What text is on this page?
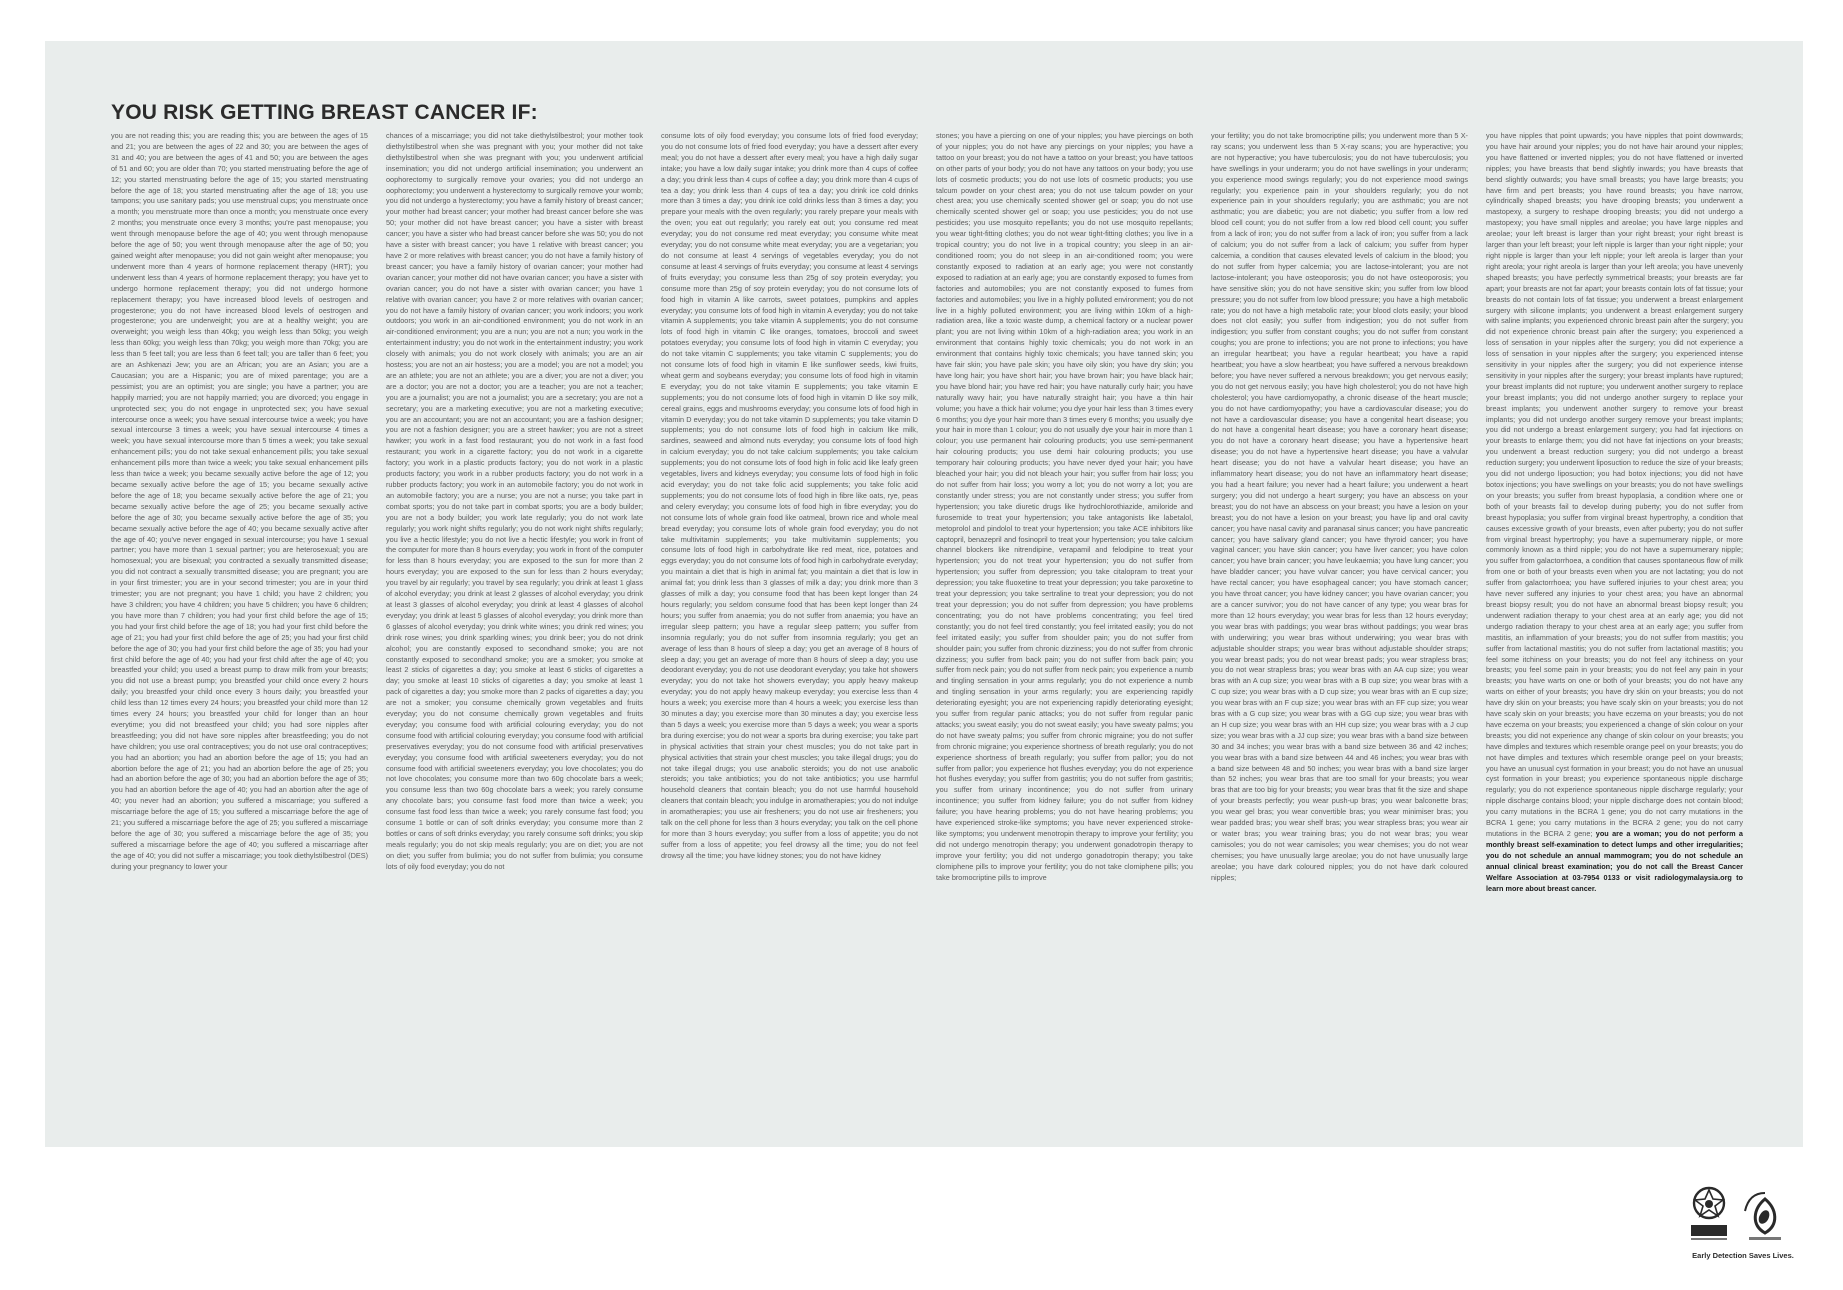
YOU RISK GETTING BREAST CANCER IF:

you are not reading this; you are reading this; you are between the ages of 15 and 21; you are between the ages of 22 and 30; you are between the ages of 31 and 40; you are between the ages of 41 and 50; you are between the ages of 51 and 60; you are older than 70; you started menstruating before the age of 12; you started menstruating before the age of 15; you started menstruating before the age of 18; you started menstruating after the age of 18; you use tampons; you use sanitary pads; you use menstrual cups; you menstruate once a month; you menstruate more than once a month; you menstruate once every 2 months; you menstruate once every 3 months; you're past menopause; you went through menopause before the age of 40; you went through menopause before the age of 50; you went through menopause after the age of 50; you gained weight after menopause; you did not gain weight after menopause; you underwent more than 4 years of hormone replacement therapy (HRT); you underwent less than 4 years of hormone replacement therapy; you have yet to undergo hormone replacement therapy; you did not undergo hormone replacement therapy; you have increased blood levels of oestrogen and progesterone; you do not have increased blood levels of oestrogen and progesterone; you are underweight; you are at a healthy weight; you are overweight; you weigh less than 40kg; you weigh less than 50kg; you weigh less than 60kg; you weigh less than 70kg; you weigh more than 70kg; you are less than 5 feet tall; you are less than 6 feet tall; you are taller than 6 feet; you are an Ashkenazi Jew; you are an African; you are an Asian; you are a Caucasian; you are a Hispanic; you are of mixed parentage; you are a pessimist; you are an optimist; you are single; you have a partner; you are happily married; you are not happily married; you are divorced; you engage in unprotected sex; you do not engage in unprotected sex; you have sexual intercourse once a week; you have sexual intercourse twice a week; you have sexual intercourse 3 times a week; you have sexual intercourse 4 times a week; you have sexual intercourse more than 5 times a week; you take sexual enhancement pills; you do not take sexual enhancement pills; you take sexual enhancement pills more than twice a week; you take sexual enhancement pills less than twice a week; you became sexually active before the age of 12; you became sexually active before the age of 15; you became sexually active before the age of 18; you became sexually active before the age of 21; you became sexually active before the age of 25; you became sexually active before the age of 30; you became sexually active before the age of 35; you became sexually active before the age of 40; you became sexually active after the age of 40; you've never engaged in sexual intercourse; you have 1 sexual partner; you have more than 1 sexual partner; you are heterosexual; you are homosexual; you are bisexual; you contracted a sexually transmitted disease; you did not contract a sexually transmitted disease; you are pregnant; you are in your first trimester; you are in your second trimester; you are in your third trimester; you are not pregnant; you have 1 child; you have 2 children; you have 3 children; you have 4 children; you have 5 children; you have 6 children; you have more than 7 children; you had your first child before the age of 15; you had your first child before the age of 18; you had your first child before the age of 21; you had your first child before the age of 25; you had your first child before the age of 30; you had your first child before the age of 35; you had your first child before the age of 40; you had your first child after the age of 40; you breastfed your child; you used a breast pump to draw milk from your breasts; you did not use a breast pump; you breastfed your child once every 2 hours daily; you breastfed your child once every 3 hours daily; you breastfed your child less than 12 times every 24 hours; you breastfed your child more than 12 times every 24 hours; you breastfed your child for longer than an hour everytime; you did not breastfeed your child; you had sore nipples after breastfeeding; you did not have sore nipples after breastfeeding; you do not have children; you use oral contraceptives; you do not use oral contraceptives; you had an abortion; you had an abortion before the age of 15; you had an abortion before the age of 21; you had an abortion before the age of 25; you had an abortion before the age of 30; you had an abortion before the age of 35; you had an abortion before the age of 40; you had an abortion after the age of 40; you never had an abortion; you suffered a miscarriage; you suffered a miscarriage before the age of 15; you suffered a miscarriage before the age of 21; you suffered a miscarriage before the age of 25; you suffered a miscarriage before the age of 30; you suffered a miscarriage before the age of 35; you suffered a miscarriage before the age of 40; you suffered a miscarriage after the age of 40; you did not suffer a miscarriage; you took diethylstilbestrol (DES) during your pregnancy to lower your

chances of a miscarriage; you did not take diethylstilbestrol; your mother took diethylstilbestrol when she was pregnant with you; your mother did not take diethylstilbestrol when she was pregnant with you; you underwent artificial insemination; you did not undergo artificial insemination; you underwent an oophorectomy to surgically remove your ovaries; you did not undergo an oophorectomy; you underwent a hysterectomy to surgically remove your womb; you did not undergo a hysterectomy; you have a family history of breast cancer; your mother had breast cancer; your mother had breast cancer before she was 50; your mother did not have breast cancer; you have a sister with breast cancer; you have a sister who had breast cancer before she was 50; you do not have a sister with breast cancer; you have 1 relative with breast cancer; you have 2 or more relatives with breast cancer; you do not have a family history of breast cancer; you have a family history of ovarian cancer; your mother had ovarian cancer; your mother did not have ovarian cancer; you have a sister with ovarian cancer; you do not have a sister with ovarian cancer; you have 1 relative with ovarian cancer; you have 2 or more relatives with ovarian cancer; you do not have a family history of ovarian cancer; you work indoors; you work outdoors; you work in an air-conditioned environment; you do not work in an air-conditioned environment; you are a nun; you are not a nun; you work in the entertainment industry; you do not work in the entertainment industry; you work closely with animals; you do not work closely with animals; you are an air hostess; you are not an air hostess; you are a model; you are not a model; you are an athlete; you are not an athlete; you are a diver; you are not a diver; you are a doctor; you are not a doctor; you are a teacher; you are not a teacher; you are a journalist; you are not a journalist; you are a secretary; you are not a secretary; you are a marketing executive; you are not a marketing executive; you are an accountant; you are not an accountant; you are a fashion designer; you are not a fashion designer; you are a street hawker; you are not a street hawker; you work in a fast food restaurant; you do not work in a fast food restaurant; you work in a cigarette factory; you do not work in a cigarette factory; you work in a plastic products factory; you do not work in a plastic products factory; you work in a rubber products factory; you do not work in a rubber products factory; you work in an automobile factory; you do not work in an automobile factory; you are a nurse; you are not a nurse; you take part in combat sports; you do not take part in combat sports; you are a body builder; you are not a body builder; you work late regularly; you do not work late regularly; you work night shifts regularly; you do not work night shifts regularly; you live a hectic lifestyle; you do not live a hectic lifestyle; you work in front of the computer for more than 8 hours everyday; you work in front of the computer for less than 8 hours everyday; you are exposed to the sun for more than 2 hours everyday; you are exposed to the sun for less than 2 hours everyday; you travel by air regularly; you travel by sea regularly; you drink at least 1 glass of alcohol everyday; you drink at least 2 glasses of alcohol everyday; you drink at least 3 glasses of alcohol everyday; you drink at least 4 glasses of alcohol everyday; you drink at least 5 glasses of alcohol everyday; you drink more than 6 glasses of alcohol everyday; you drink white wines; you drink red wines; you drink rose wines; you drink sparkling wines; you drink beer; you do not drink alcohol; you are constantly exposed to secondhand smoke; you are not constantly exposed to secondhand smoke; you are a smoker; you smoke at least 2 sticks of cigarettes a day; you smoke at least 6 sticks of cigarettes a day; you smoke at least 10 sticks of cigarettes a day; you smoke at least 1 pack of cigarettes a day; you smoke more than 2 packs of cigarettes a day; you are not a smoker; you consume chemically grown vegetables and fruits everyday; you do not consume chemically grown vegetables and fruits everyday; you consume food with artificial colouring everyday; you do not consume food with artificial colouring everyday; you consume food with artificial preservatives everyday; you do not consume food with artificial preservatives everyday; you consume food with artificial sweeteners everyday; you do not consume food with artificial sweeteners everyday; you love chocolates; you do not love chocolates; you consume more than two 60g chocolate bars a week; you consume less than two 60g chocolate bars a week; you rarely consume any chocolate bars; you consume fast food more than twice a week; you consume fast food less than twice a week; you rarely consume fast food; you consume 1 bottle or can of soft drinks everyday; you consume more than 2 bottles or cans of soft drinks everyday; you rarely consume soft drinks; you skip meals regularly; you do not skip meals regularly; you are on diet; you are not on diet; you suffer from bulimia; you do not suffer from bulimia; you consume lots of oily food everyday; you do not

consume lots of oily food everyday; you consume lots of fried food everyday; you do not consume lots of fried food everyday; you have a dessert after every meal; you do not have a dessert after every meal; you have a high daily sugar intake; you have a low daily sugar intake; you drink more than 4 cups of coffee a day; you drink less than 4 cups of coffee a day; you drink more than 4 cups of tea a day; you drink less than 4 cups of tea a day; you drink ice cold drinks more than 3 times a day; you drink ice cold drinks less than 3 times a day; you prepare your meals with the oven regularly; you rarely prepare your meals with the oven; you eat out regularly; you rarely eat out; you consume red meat everyday; you do not consume red meat everyday; you consume white meat everyday; you do not consume white meat everyday; you are a vegetarian; you do not consume at least 4 servings of vegetables everyday; you do not consume at least 4 servings of fruits everyday; you consume at least 4 servings of fruits everyday; you consume less than 25g of soy protein everyday; you consume more than 25g of soy protein everyday; you do not consume lots of food high in vitamin A like carrots, sweet potatoes, pumpkins and apples everyday; you consume lots of food high in vitamin A everyday; you do not take vitamin A supplements; you take vitamin A supplements; you do not consume lots of food high in vitamin C like oranges, tomatoes, broccoli and sweet potatoes everyday; you consume lots of food high in vitamin C everyday; you do not take vitamin C supplements; you take vitamin C supplements; you do not consume lots of food high in vitamin E like sunflower seeds, kiwi fruits, wheat germ and soybeans everyday; you consume lots of food high in vitamin E everyday; you do not take vitamin E supplements; you take vitamin E supplements; you do not consume lots of food high in vitamin D like soy milk, cereal grains, eggs and mushrooms everyday; you consume lots of food high in vitamin D everyday; you do not take vitamin D supplements; you take vitamin D supplements; you do not consume lots of food high in calcium like milk, sardines, seaweed and almond nuts everyday; you consume lots of food high in calcium everyday; you do not take calcium supplements; you take calcium supplements; you do not consume lots of food high in folic acid like leafy green vegetables, livers and kidneys everyday; you consume lots of food high in folic acid everyday; you do not take folic acid supplements; you take folic acid supplements; you do not consume lots of food high in fibre like oats, rye, peas and celery everyday; you consume lots of food high in fibre everyday; you do not consume lots of whole grain food like oatmeal, brown rice and whole meal bread everyday; you consume lots of whole grain food everyday; you do not take multivitamin supplements; you take multivitamin supplements; you consume lots of food high in carbohydrate like red meat, rice, potatoes and eggs everyday; you do not consume lots of food high in carbohydrate everyday; you maintain a diet that is high in animal fat; you maintain a diet that is low in animal fat; you drink less than 3 glasses of milk a day; you drink more than 3 glasses of milk a day; you consume food that has been kept longer than 24 hours regularly; you seldom consume food that has been kept longer than 24 hours; you suffer from anaemia; you do not suffer from anaemia; you have an irregular sleep pattern; you have a regular sleep pattern; you suffer from insomnia regularly; you do not suffer from insomnia regularly; you get an average of less than 8 hours of sleep a day; you get an average of 8 hours of sleep a day; you get an average of more than 8 hours of sleep a day; you use deodorant everyday; you do not use deodorant everyday; you take hot showers everyday; you do not take hot showers everyday; you apply heavy makeup everyday; you do not apply heavy makeup everyday; you exercise less than 4 hours a week; you exercise more than 4 hours a week; you exercise less than 30 minutes a day; you exercise more than 30 minutes a day; you exercise less than 5 days a week; you exercise more than 5 days a week; you wear a sports bra during exercise; you do not wear a sports bra during exercise; you take part in physical activities that strain your chest muscles; you do not take part in physical activities that strain your chest muscles; you take illegal drugs; you do not take illegal drugs; you use anabolic steroids; you do not use anabolic steroids; you take antibiotics; you do not take antibiotics; you use harmful household cleaners that contain bleach; you do not use harmful household cleaners that contain bleach; you indulge in aromatherapies; you do not indulge in aromatherapies; you use air fresheners; you do not use air fresheners; you talk on the cell phone for less than 3 hours everyday; you talk on the cell phone for more than 3 hours everyday; you suffer from a loss of appetite; you do not suffer from a loss of appetite; you feel drowsy all the time; you do not feel drowsy all the time; you have kidney stones; you do not have kidney

stones; you have a piercing on one of your nipples; you have piercings on both of your nipples; you do not have any piercings on your nipples; you have a tattoo on your breast; you do not have a tattoo on your breast; you have tattoos on other parts of your body; you do not have any tattoos on your body; you use lots of cosmetic products; you do not use lots of cosmetic products; you use talcum powder on your chest area; you do not use talcum powder on your chest area; you use chemically scented shower gel or soap; you do not use chemically scented shower gel or soap; you use pesticides; you do not use pesticides; you use mosquito repellants; you do not use mosquito repellants; you wear tight-fitting clothes; you do not wear tight-fitting clothes; you live in a tropical country; you do not live in a tropical country; you sleep in an air-conditioned room; you do not sleep in an air-conditioned room; you were constantly exposed to radiation at an early age; you were not constantly exposed to radiation at an early age; you are constantly exposed to fumes from factories and automobiles; you are not constantly exposed to fumes from factories and automobiles; you live in a highly polluted environment; you do not live in a highly polluted environment; you are living within 10km of a high-radiation area, like a toxic waste dump, a chemical factory or a nuclear power plant; you are not living within 10km of a high-radiation area; you work in an environment that contains highly toxic chemicals; you do not work in an environment that contains highly toxic chemicals; you have tanned skin; you have fair skin; you have pale skin; you have oily skin; you have dry skin; you have long hair; you have short hair; you have brown hair; you have black hair; you have blond hair; you have red hair; you have naturally curly hair; you have naturally wavy hair; you have naturally straight hair; you have a thin hair volume; you have a thick hair volume; you dye your hair less than 3 times every 6 months; you dye your hair more than 3 times every 6 months; you usually dye your hair in more than 1 colour; you do not usually dye your hair in more than 1 colour; you use permanent hair colouring products; you use semi-permanent hair colouring products; you use demi hair colouring products; you use temporary hair colouring products; you have never dyed your hair; you have bleached your hair; you did not bleach your hair; you suffer from hair loss; you do not suffer from hair loss; you worry a lot; you do not worry a lot; you are constantly under stress; you are not constantly under stress; you suffer from hypertension; you take diuretic drugs like hydrochlorothiazide, amiloride and furosemide to treat your hypertension; you take antagonists like labetalol, metoprolol and pindolol to treat your hypertension; you take ACE inhibitors like captopril, benazepril and fosinopril to treat your hypertension; you take calcium channel blockers like nitrendipine, verapamil and felodipine to treat your hypertension; you do not treat your hypertension; you do not suffer from hypertension; you suffer from depression; you take citalopram to treat your depression; you take fluoxetine to treat your depression; you take paroxetine to treat your depression; you take sertraline to treat your depression; you do not treat your depression; you do not suffer from depression; you have problems concentrating; you do not have problems concentrating; you feel tired constantly; you do not feel tired constantly; you feel irritated easily; you do not feel irritated easily; you suffer from shoulder pain; you do not suffer from shoulder pain; you suffer from chronic dizziness; you do not suffer from chronic dizziness; you suffer from back pain; you do not suffer from back pain; you suffer from neck pain; you do not suffer from neck pain; you experience a numb and tingling sensation in your arms regularly; you do not experience a numb and tingling sensation in your arms regularly; you are experiencing rapidly deteriorating eyesight; you are not experiencing rapidly deteriorating eyesight; you suffer from regular panic attacks; you do not suffer from regular panic attacks; you sweat easily; you do not sweat easily; you have sweaty palms; you do not have sweaty palms; you suffer from chronic migraine; you do not suffer from chronic migraine; you experience shortness of breath regularly; you do not experience shortness of breath regularly; you suffer from pallor; you do not suffer from pallor; you experience hot flushes everyday; you do not experience hot flushes everyday; you suffer from gastritis; you do not suffer from gastritis; you suffer from urinary incontinence; you do not suffer from urinary incontinence; you suffer from kidney failure; you do not suffer from kidney failure; you have hearing problems; you do not have hearing problems; you have experienced stroke-like symptoms; you have never experienced stroke-like symptoms; you underwent menotropin therapy to improve your fertility; you did not undergo menotropin therapy; you underwent gonadotropin therapy to improve your fertility; you did not undergo gonadotropin therapy; you take clomiphene pills to improve your fertility; you do not take clomiphene pills; you take bromocriptine pills to improve

your fertility; you do not take bromocriptine pills; you underwent more than 5 X-ray scans; you underwent less than 5 X-ray scans; you are hyperactive; you are not hyperactive; you have tuberculosis; you do not have tuberculosis; you have swellings in your underarm; you do not have swellings in your underarm; you experience mood swings regularly; you do not experience mood swings regularly; you experience pain in your shoulders regularly; you do not experience pain in your shoulders regularly; you are asthmatic; you are not asthmatic; you are diabetic; you are not diabetic; you suffer from a low red blood cell count; you do not suffer from a low red blood cell count; you suffer from a lack of iron; you do not suffer from a lack of iron; you suffer from a lack of calcium; you do not suffer from a lack of calcium; you suffer from hyper calcemia, a condition that causes elevated levels of calcium in the blood; you do not suffer from hyper calcemia; you are lactose-intolerant; you are not lactose-intolerant; you have osteoporosis; you do not have osteoporosis; you have sensitive skin; you do not have sensitive skin; you suffer from low blood pressure; you do not suffer from low blood pressure; you have a high metabolic rate; you do not have a high metabolic rate; your blood clots easily; your blood does not clot easily; you suffer from indigestion; you do not suffer from indigestion; you suffer from constant coughs; you do not suffer from constant coughs; you are prone to infections; you are not prone to infections; you have an irregular heartbeat; you have a regular heartbeat; you have a rapid heartbeat; you have a slow heartbeat; you have suffered a nervous breakdown before; you have never suffered a nervous breakdown; you get nervous easily; you do not get nervous easily; you have high cholesterol; you do not have high cholesterol; you have cardiomyopathy, a chronic disease of the heart muscle; you do not have cardiomyopathy; you have a cardiovascular disease; you do not have a cardiovascular disease; you have a congenital heart disease; you do not have a congenital heart disease; you have a coronary heart disease; you do not have a coronary heart disease; you have a hypertensive heart disease; you do not have a hypertensive heart disease; you have a valvular heart disease; you do not have a valvular heart disease; you have an inflammatory heart disease; you do not have an inflammatory heart disease; you had a heart failure; you never had a heart failure; you underwent a heart surgery; you did not undergo a heart surgery; you have an abscess on your breast; you do not have an abscess on your breast; you have a lesion on your breast; you do not have a lesion on your breast; you have lip and oral cavity cancer; you have nasal cavity and paranasal sinus cancer; you have pancreatic cancer; you have salivary gland cancer; you have thyroid cancer; you have vaginal cancer; you have skin cancer; you have liver cancer; you have colon cancer; you have brain cancer; you have leukaemia; you have lung cancer; you have bladder cancer; you have vulvar cancer; you have cervical cancer; you have rectal cancer; you have esophageal cancer; you have stomach cancer; you have throat cancer; you have kidney cancer; you have ovarian cancer; you are a cancer survivor; you do not have cancer of any type; you wear bras for more than 12 hours everyday; you wear bras for less than 12 hours everyday; you wear bras with paddings; you wear bras without paddings; you wear bras with underwiring; you wear bras without underwiring; you wear bras with adjustable shoulder straps; you wear bras without adjustable shoulder straps; you wear breast pads; you do not wear breast pads; you wear strapless bras; you do not wear strapless bras; you wear bras with an AA cup size; you wear bras with an A cup size; you wear bras with a B cup size; you wear bras with a C cup size; you wear bras with a D cup size; you wear bras with an E cup size; you wear bras with an F cup size; you wear bras with an FF cup size; you wear bras with a G cup size; you wear bras with a GG cup size; you wear bras with an H cup size; you wear bras with an HH cup size; you wear bras with a J cup size; you wear bras with a JJ cup size; you wear bras with a band size between 30 and 34 inches; you wear bras with a band size between 36 and 42 inches; you wear bras with a band size between 44 and 46 inches; you wear bras with a band size between 48 and 50 inches; you wear bras with a band size larger than 52 inches; you wear bras that are too small for your breasts; you wear bras that are too big for your breasts; you wear bras that fit the size and shape of your breasts perfectly; you wear push-up bras; you wear balconette bras; you wear gel bras; you wear convertible bras; you wear minimiser bras; you wear padded bras; you wear shelf bras; you wear strapless bras; you wear air or water bras; you wear training bras; you do not wear bras; you wear camisoles; you do not wear camisoles; you wear chemises; you do not wear chemises; you have unusually large areolae; you do not have unusually large areolae; you have dark coloured nipples; you do not have dark coloured nipples;

you have nipples that point upwards; you have nipples that point downwards; you have hair around your nipples; you do not have hair around your nipples; you have flattened or inverted nipples; you do not have flattened or inverted nipples; you have breasts that bend slightly inwards; you have breasts that bend slightly outwards; you have small breasts; you have large breasts; you have firm and pert breasts; you have round breasts; you have narrow, cylindrically shaped breasts; you have drooping breasts; you underwent a mastopexy, a surgery to reshape drooping breasts; you did not undergo a mastopexy; you have small nipples and areolae; you have large nipples and areolae; your left breast is larger than your right breast; your right breast is larger than your left breast; your left nipple is larger than your right nipple; your right nipple is larger than your left nipple; your left areola is larger than your right areola; your right areola is larger than your left areola; you have unevenly shaped breasts; you have perfectly symmetrical breasts; your breasts are far apart; your breasts are not far apart; your breasts contain lots of fat tissue; your breasts do not contain lots of fat tissue; you underwent a breast enlargement surgery with silicone implants; you underwent a breast enlargement surgery with saline implants; you experienced chronic breast pain after the surgery; you did not experience chronic breast pain after the surgery; you experienced a loss of sensation in your nipples after the surgery; you did not experience a loss of sensation in your nipples after the surgery; you experienced intense sensitivity in your nipples after the surgery; you did not experience intense sensitivity in your nipples after the surgery; your breast implants have ruptured; your breast implants did not rupture; you underwent another surgery to replace your breast implants; you did not undergo another surgery to replace your breast implants; you underwent another surgery to remove your breast implants; you did not undergo another surgery remove your breast implants; you did not undergo a breast enlargement surgery; you had fat injections on your breasts to enlarge them; you did not have fat injections on your breasts; you underwent a breast reduction surgery; you did not undergo a breast reduction surgery; you underwent liposuction to reduce the size of your breasts; you did not undergo liposuction; you had botox injections; you did not have botox injections; you have swellings on your breasts; you do not have swellings on your breasts; you suffer from breast hypoplasia, a condition where one or both of your breasts fail to develop during puberty; you do not suffer from breast hypoplasia; you suffer from virginal breast hypertrophy, a condition that causes excessive growth of your breasts, even after puberty; you do not suffer from virginal breast hypertrophy; you have a supernumerary nipple, or more commonly known as a third nipple; you do not have a supernumerary nipple; you suffer from galactorrhoea, a condition that causes spontaneous flow of milk from one or both of your breasts even when you are not lactating; you do not suffer from galactorrhoea; you have suffered injuries to your chest area; you have never suffered any injuries to your chest area; you have an abnormal breast biopsy result; you do not have an abnormal breast biopsy result; you underwent radiation therapy to your chest area at an early age; you did not undergo radiation therapy to your chest area at an early age; you suffer from mastitis, an inflammation of your breasts; you do not suffer from mastitis; you suffer from lactational mastitis; you do not suffer from lactational mastitis; you feel some itchiness on your breasts; you do not feel any itchiness on your breasts; you feel some pain in your breasts; you do not feel any pain in your breasts; you have warts on one or both of your breasts; you do not have any warts on either of your breasts; you have dry skin on your breasts; you do not have dry skin on your breasts; you have scaly skin on your breasts; you do not have scaly skin on your breasts; you have eczema on your breasts; you do not have eczema on your breasts; you experienced a change of skin colour on your breasts; you did not experience any change of skin colour on your breasts; you have dimples and textures which resemble orange peel on your breasts; you do not have dimples and textures which resemble orange peel on your breasts; you have an unusual cyst formation in your breast; you do not have an unusual cyst formation in your breast; you experience spontaneous nipple discharge regularly; you do not experience spontaneous nipple discharge regularly; your nipple discharge contains blood; your nipple discharge does not contain blood; you carry mutations in the BCRA 1 gene; you do not carry mutations in the BCRA 1 gene; you carry mutations in the BCRA 2 gene; you do not carry mutations in the BCRA 2 gene; you are a woman; you do not perform a monthly breast self-examination to detect lumps and other irregularities; you do not schedule an annual mammogram; you do not schedule an annual clinical breast examination; you do not call the Breast Cancer Welfare Association at 03-7954 0133 or visit radiologymalaysia.org to learn more about breast cancer.

Early Detection Saves Lives.
